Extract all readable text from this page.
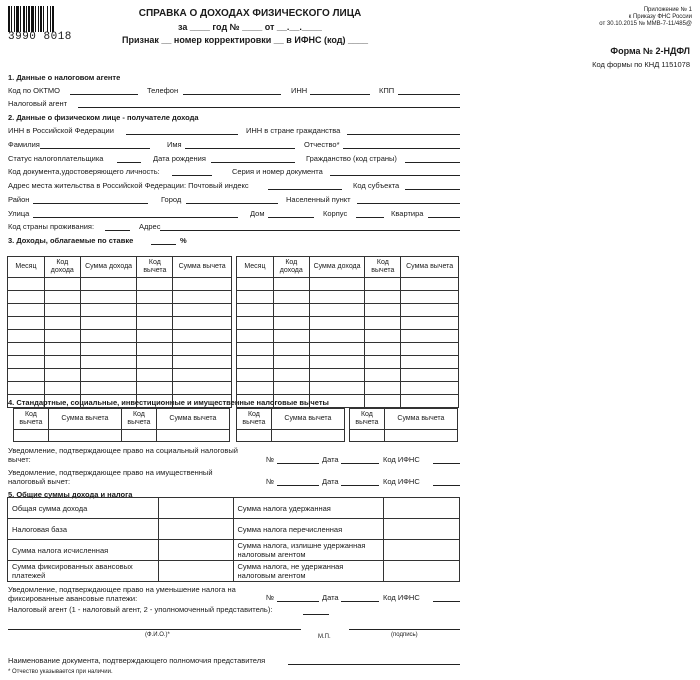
3990 8018
СПРАВКА О ДОХОДАХ ФИЗИЧЕСКОГО ЛИЦА
за ____ год № ____ от __.__.____
Признак __ номер корректировки __ в ИФНС (код) ____
Приложение № 1
к Приказу ФНС России
от 30.10.2015 № ММВ-7-11/485@
Форма № 2-НДФЛ
Код формы по КНД 1151078
1. Данные о налоговом агенте
Код по ОКТМО	Телефон	ИНН	КПП
Налоговый агент
2. Данные о физическом лице - получателе дохода
ИНН в Российской Федерации	ИНН в стране гражданства
Фамилия	Имя	Отчество*
Статус налогоплательщика	Дата рождения	Гражданство (код страны)
Код документа,удостоверяющего личность:	Серия и номер документа
Адрес места жительства в Российской Федерации: Почтовый индекс	Код субъекта
Район	Город	Населенный пункт
Улица	Дом	Корпус	Квартира
Код страны проживания:	Адрес
3. Доходы, облагаемые по ставке	%
Месяц	Код дохода	Сумма дохода	Код вычета	Сумма вычета

					Месяц	Код дохода	Сумма дохода	Код вычета	Сумма вычета

4. Стандартные, социальные, инвестиционные и имущественные налоговые вычеты
Код вычета	Сумма вычета

Код вычета	Сумма вычета

Код вычета	Сумма вычета

Код вычета	Сумма вычета

Уведомление, подтверждающее право на социальный налоговый вычет:	№	Дата	Код ИФНС
Уведомление, подтверждающее право на имущественный налоговый вычет:	№	Дата	Код ИФНС
5. Общие суммы дохода и налога
Общая сумма дохода		Сумма налога удержанная	
Налоговая база		Сумма налога перечисленная	
Сумма налога исчисленная		Сумма налога, излишне удержанная налоговым агентом	
Сумма фиксированных авансовых платежей		Сумма налога, не удержанная налоговым агентом	
Уведомление, подтверждающее право на уменьшение налога на фиксированные авансовые платежи:	№	Дата	Код ИФНС
Налоговый агент (1 - налоговый агент, 2 - уполномоченный представитель):
(Ф.И.О.)*	М.П.	(подпись)
Наименование документа, подтверждающего полномочия представителя
* Отчество указывается при наличии.
